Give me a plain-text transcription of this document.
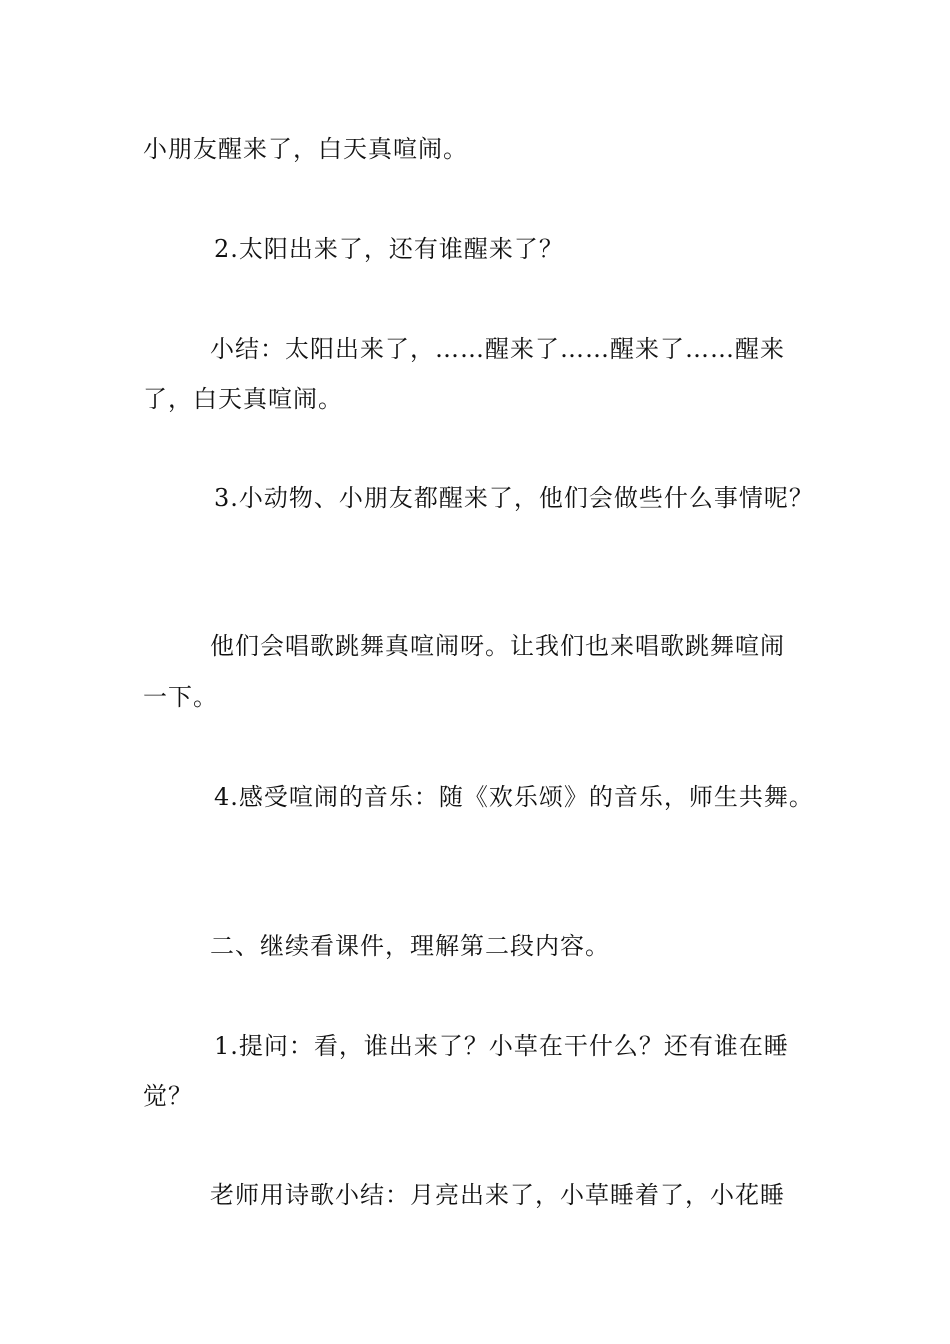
小朋友醒来了，白天真喧闹。
2.太阳出来了，还有谁醒来了？
小结：太阳出来了，……醒来了……醒来了……醒来
了，白天真喧闹。
3.小动物、小朋友都醒来了，他们会做些什么事情呢？
他们会唱歌跳舞真喧闹呀。让我们也来唱歌跳舞喧闹
一下。
4.感受喧闹的音乐：随《欢乐颂》的音乐，师生共舞。
二、继续看课件，理解第二段内容。
1.提问：看，谁出来了？小草在干什么？还有谁在睡
觉？
老师用诗歌小结：月亮出来了，小草睡着了，小花睡
